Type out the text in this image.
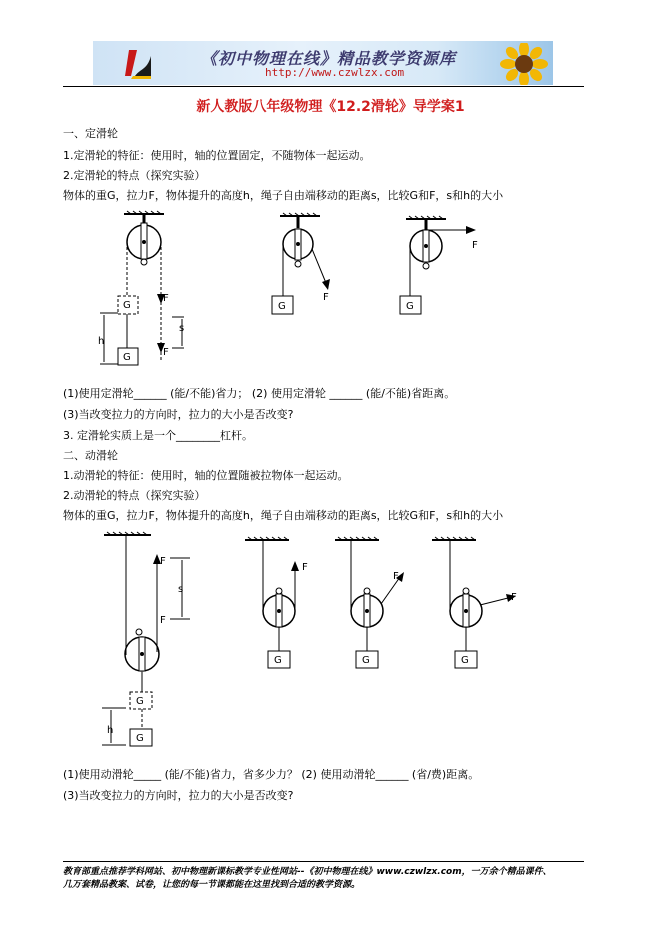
《初中物理在线》精品教学资源库
http://www.czwlzx.com
新人教版八年级物理《12.2滑轮》导学案1
一、定滑轮
1.定滑轮的特征：使用时，轴的位置固定，不随物体一起运动。
2.定滑轮的特点（探究实验）
物体的重G，拉力F，物体提升的高度h，绳子自由端移动的距离s，比较G和F，s和h的大小
G
G
F
F
s
h
G
F
G
F
(1)使用定滑轮______ (能/不能)省力； (2) 使用定滑轮 ______ (能/不能)省距离。
(3)当改变拉力的方向时，拉力的大小是否改变?
3. 定滑轮实质上是一个________杠杆。
二、动滑轮
1.动滑轮的特征：使用时，轴的位置随被拉物体一起运动。
2.动滑轮的特点（探究实验）
物体的重G，拉力F，物体提升的高度h，绳子自由端移动的距离s，比较G和F，s和h的大小
G
G
F
F
s
h
G
F
G
F
G
F
(1)使用动滑轮_____ (能/不能)省力，省多少力？ (2) 使用动滑轮______ (省/费)距离。
(3)当改变拉力的方向时，拉力的大小是否改变?
教育部重点推荐学科网站、初中物理新课标教学专业性网站--《初中物理在线》www.czwlzx.com，一万余个精品课件、
几万套精品教案、试卷，让您的每一节课都能在这里找到合适的教学资源。
